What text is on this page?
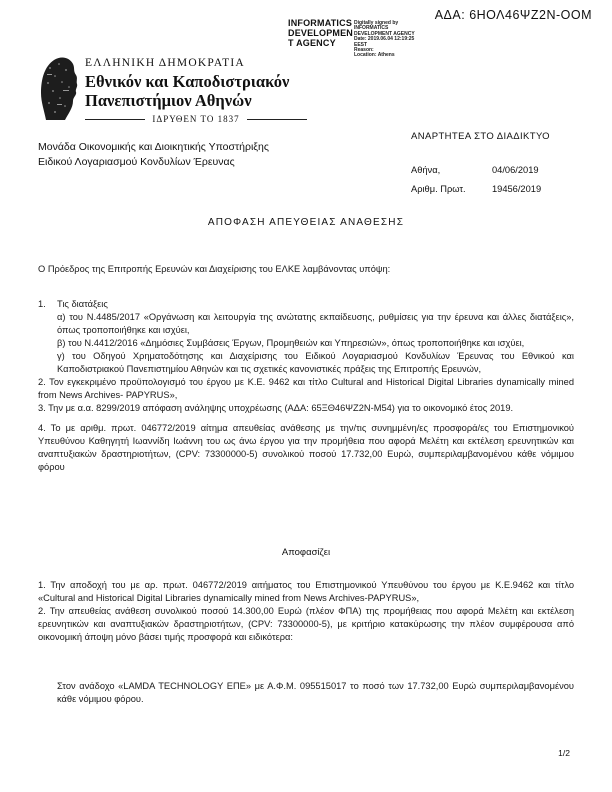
ΑΔΑ: 6ΗΟΛ46ΨΖ2Ν-ΟΟΜ
INFORMATICS
DEVELOPMEN
T AGENCY
Digitally signed by
INFORMATICS
DEVELOPMENT AGENCY
Date: 2019.06.04 12:19:25
EEST
Reason:
Location: Athens
ΕΛΛΗΝΙΚΗ ΔΗΜΟΚΡΑΤΙΑ
Εθνικόν και Καποδιστριακόν
Πανεπιστήμιον Αθηνών
ΙΔΡΥΘΕΝ ΤΟ 1837
Μονάδα Οικονομικής και Διοικητικής Υποστήριξης
Ειδικού Λογαριασμού Κονδυλίων Έρευνας
ΑΝΑΡΤΗΤΕΑ ΣΤΟ ΔΙΑΔΙΚΤΥΟ
Αθήνα,	04/06/2019
Αριθμ. Πρωτ.	19456/2019
ΑΠΟΦΑΣΗ ΑΠΕΥΘΕΙΑΣ ΑΝΑΘΕΣΗΣ
Ο Πρόεδρος της Επιτροπής Ερευνών και Διαχείρισης του ΕΛΚΕ λαμβάνοντας υπόψη:
1.	Τις διατάξεις
α) του Ν.4485/2017 «Οργάνωση και λειτουργία της ανώτατης εκπαίδευσης, ρυθμίσεις για την έρευνα και άλλες διατάξεις», όπως τροποποιήθηκε και ισχύει,
β) του Ν.4412/2016 «Δημόσιες Συμβάσεις Έργων, Προμηθειών και Υπηρεσιών», όπως τροποποιήθηκε και ισχύει,
γ) του Οδηγού Χρηματοδότησης και Διαχείρισης του Ειδικού Λογαριασμού Κονδυλίων Έρευνας του Εθνικού και Καποδιστριακού Πανεπιστημίου Αθηνών και τις σχετικές κανονιστικές πράξεις της Επιτροπής Ερευνών,
2. Τον εγκεκριμένο προϋπολογισμό του έργου με Κ.Ε. 9462 και τίτλο Cultural and Historical Digital Libraries dynamically mined from News Archives- PAPYRUS»,
3. Την με α.α. 8299/2019 απόφαση ανάληψης υποχρέωσης (ΑΔΑ: 65ΞΘ46ΨΖ2Ν-Μ54) για το οικονομικό έτος 2019.
4. Το με αριθμ. πρωτ. 046772/2019 αίτημα απευθείας ανάθεσης με την/τις συνημμένη/ες προσφορά/ες του Επιστημονικού Υπευθύνου Καθηγητή Ιωαννίδη Ιωάννη του ως άνω έργου για την προμήθεια που αφορά Μελέτη και εκτέλεση ερευνητικών και αναπτυξιακών δραστηριοτήτων, (CPV: 73300000-5) συνολικού ποσού 17.732,00 Ευρώ, συμπεριλαμβανομένου κάθε νόμιμου φόρου
Αποφασίζει
1. Την αποδοχή του με αρ. πρωτ. 046772/2019 αιτήματος του Επιστημονικού Υπευθύνου του έργου με Κ.Ε.9462 και τίτλο «Cultural and Historical Digital Libraries dynamically mined from News Archives-PAPYRUS»,
2. Την απευθείας ανάθεση συνολικού ποσού 14.300,00 Ευρώ (πλέον ΦΠΑ) της προμήθειας που αφορά Μελέτη και εκτέλεση ερευνητικών και αναπτυξιακών δραστηριοτήτων, (CPV: 73300000-5), με κριτήριο κατακύρωσης την πλέον συμφέρουσα από οικονομική άποψη μόνο βάσει τιμής προσφορά και ειδικότερα:
Στον ανάδοχο «LAMDA TECHNOLOGY ΕΠΕ» με Α.Φ.Μ. 095515017 το ποσό των 17.732,00 Ευρώ συμπεριλαμβανομένου κάθε νόμιμου φόρου.
1/2
